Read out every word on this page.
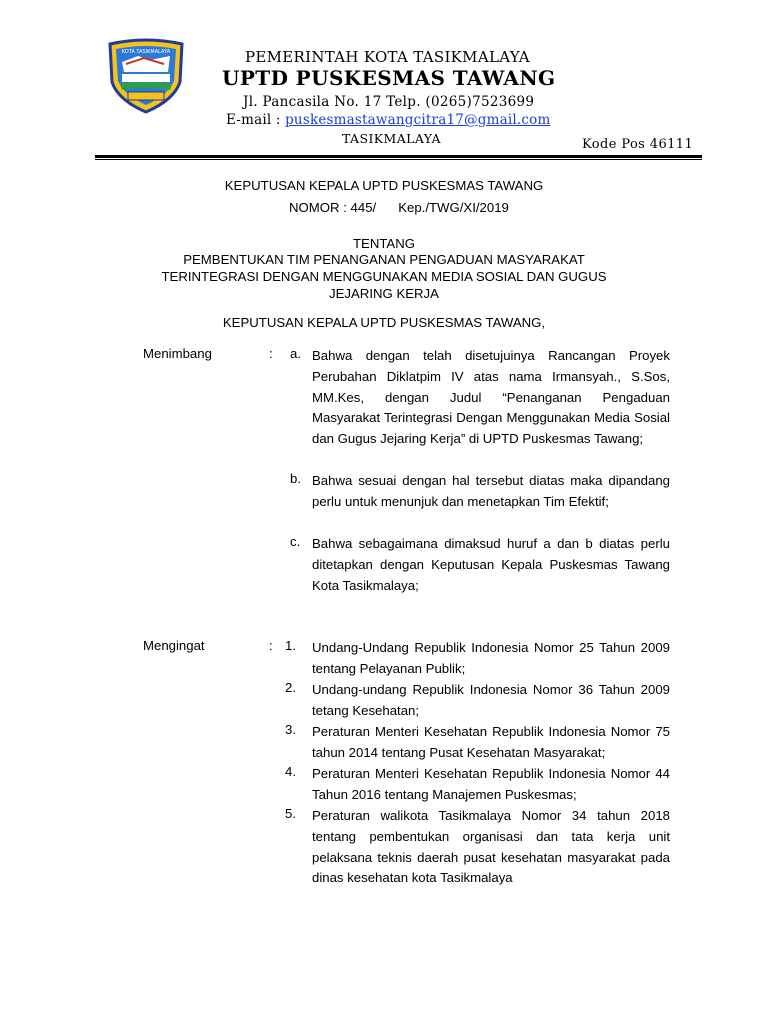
KOTA TASIKMALAYA	PEMERINTAH KOTA TASIKMALAYA
UPTD PUSKESMAS TAWANG
Jl. Pancasila No. 17 Telp. (0265)7523699
E-mail : puskesmastawangcitra17@gmail.com
TASIKMALAYA	Kode Pos 46111
KEPUTUSAN KEPALA UPTD PUSKESMAS TAWANG
NOMOR : 445/      Kep./TWG/XI/2019
TENTANG
PEMBENTUKAN TIM PENANGANAN PENGADUAN MASYARAKAT
TERINTEGRASI DENGAN MENGGUNAKAN MEDIA SOSIAL DAN GUGUS
JEJARING KERJA
KEPUTUSAN KEPALA UPTD PUSKESMAS TAWANG,
Menimbang	: a. Bahwa dengan telah disetujuinya Rancangan Proyek Perubahan Diklatpim IV atas nama Irmansyah., S.Sos, MM.Kes, dengan Judul “Penanganan Pengaduan Masyarakat Terintegrasi Dengan Menggunakan Media Sosial dan Gugus Jejaring Kerja” di UPTD Puskesmas Tawang;
b. Bahwa sesuai dengan hal tersebut diatas maka dipandang perlu untuk menunjuk dan menetapkan Tim Efektif;
c. Bahwa sebagaimana dimaksud huruf a dan b diatas perlu ditetapkan dengan Keputusan Kepala Puskesmas Tawang Kota Tasikmalaya;
Mengingat	: 1. Undang-Undang Republik Indonesia Nomor 25 Tahun 2009 tentang Pelayanan Publik;
2. Undang-undang Republik Indonesia Nomor 36 Tahun 2009 tetang Kesehatan;
3. Peraturan Menteri Kesehatan Republik Indonesia Nomor 75 tahun 2014 tentang Pusat Kesehatan Masyarakat;
4. Peraturan Menteri Kesehatan Republik Indonesia Nomor 44 Tahun 2016 tentang Manajemen Puskesmas;
5. Peraturan walikota Tasikmalaya Nomor 34 tahun 2018 tentang pembentukan organisasi dan tata kerja unit pelaksana teknis daerah pusat kesehatan masyarakat pada dinas kesehatan kota Tasikmalaya
